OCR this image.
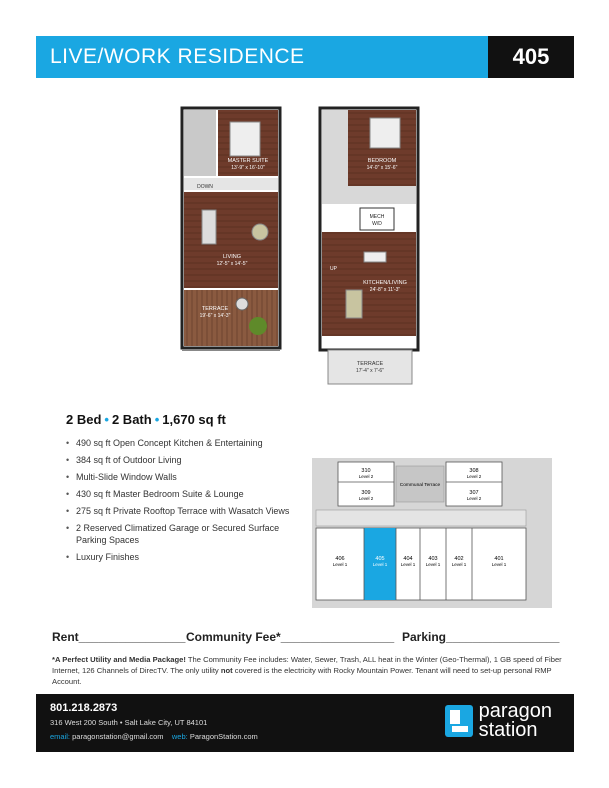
LIVE/WORK RESIDENCE	405
MASTER SUITE
13'-9" x 16'-10"
DOWN
LIVING
12'-5" x 14'-5"
TERRACE
19'-6" x 14'-3"
BEDROOM
14'-0" x 15'-6"
MECH
W/D
UP
KITCHEN/LIVING
24'-8" x 11'-3"
TERRACE
17'-4" x 7'-6"
2 Bed • 2 Bath • 1,670 sq ft
• 490 sq ft Open Concept Kitchen & Entertaining
• 384 sq ft of Outdoor Living
• Multi-Slide Window Walls
• 430 sq ft Master Bedroom Suite & Lounge
• 275 sq ft Private Rooftop Terrace with Wasatch Views
• 2 Reserved Climatized Garage or Secured Surface Parking Spaces
• Luxury Finishes
310
Level 2
309
Level 2
308
Level 2
307
Level 2
Communal Terrace
406
Level 1
405
Level 1
404
Level 1
403
Level 1
402
Level 1
401
Level 1
Rent________________ Community Fee*_________________ Parking_________________
*A Perfect Utility and Media Package! The Community Fee includes: Water, Sewer, Trash, ALL heat in the Winter (Geo-Thermal), 1 GB speed of Fiber Internet, 126 Channels of DirecTV. The only utility not covered is the electricity with Rocky Mountain Power. Tenant will need to set-up personal RMP Account.
801.218.2873
316 West 200 South • Salt Lake City, UT 84101
email: paragonstation@gmail.com web: ParagonStation.com
paragon
station
